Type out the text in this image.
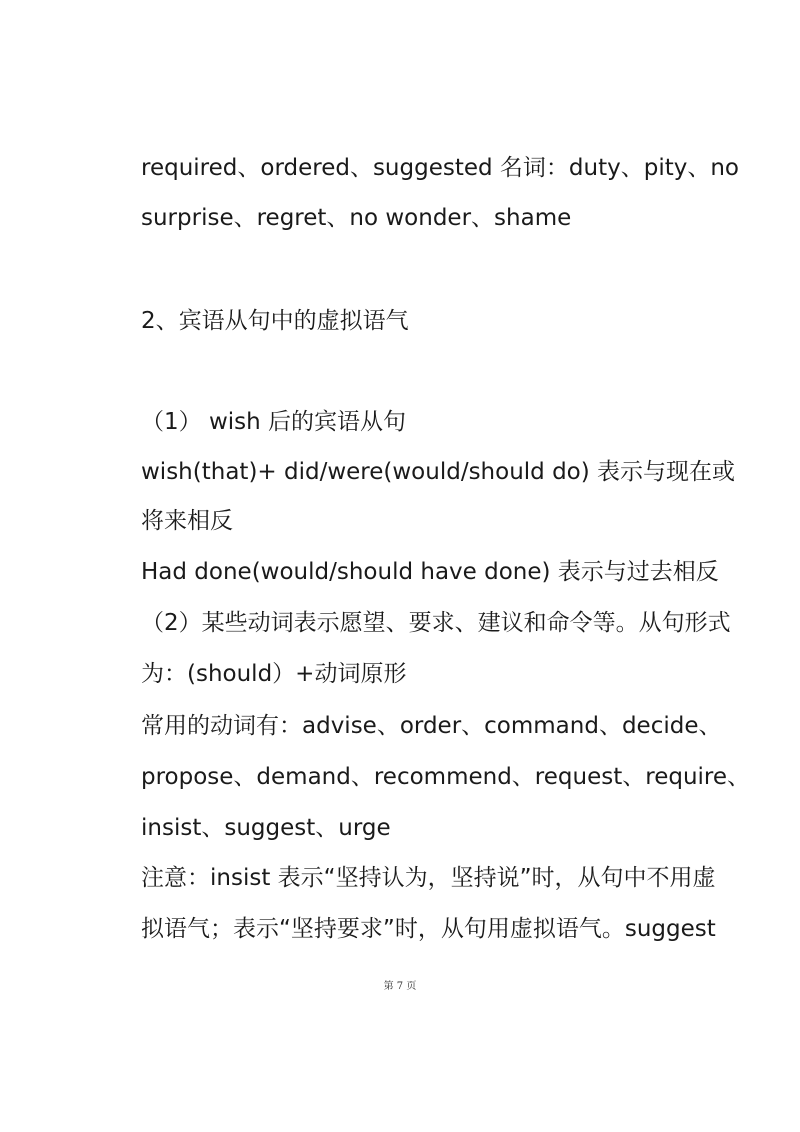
required、ordered、suggested 名词：duty、pity、no
surprise、regret、no wonder、shame
2、宾语从句中的虚拟语气
（1） wish 后的宾语从句
wish(that)+ did/were(would/should do) 表示与现在或
将来相反
Had done(would/should have done) 表示与过去相反
（2）某些动词表示愿望、要求、建议和命令等。从句形式
为：(should）+动词原形
常用的动词有：advise、order、command、decide、
propose、demand、recommend、request、require、
insist、suggest、urge
注意：insist 表示“坚持认为，坚持说”时，从句中不用虚
拟语气；表示“坚持要求”时，从句用虚拟语气。suggest
第 7 页
